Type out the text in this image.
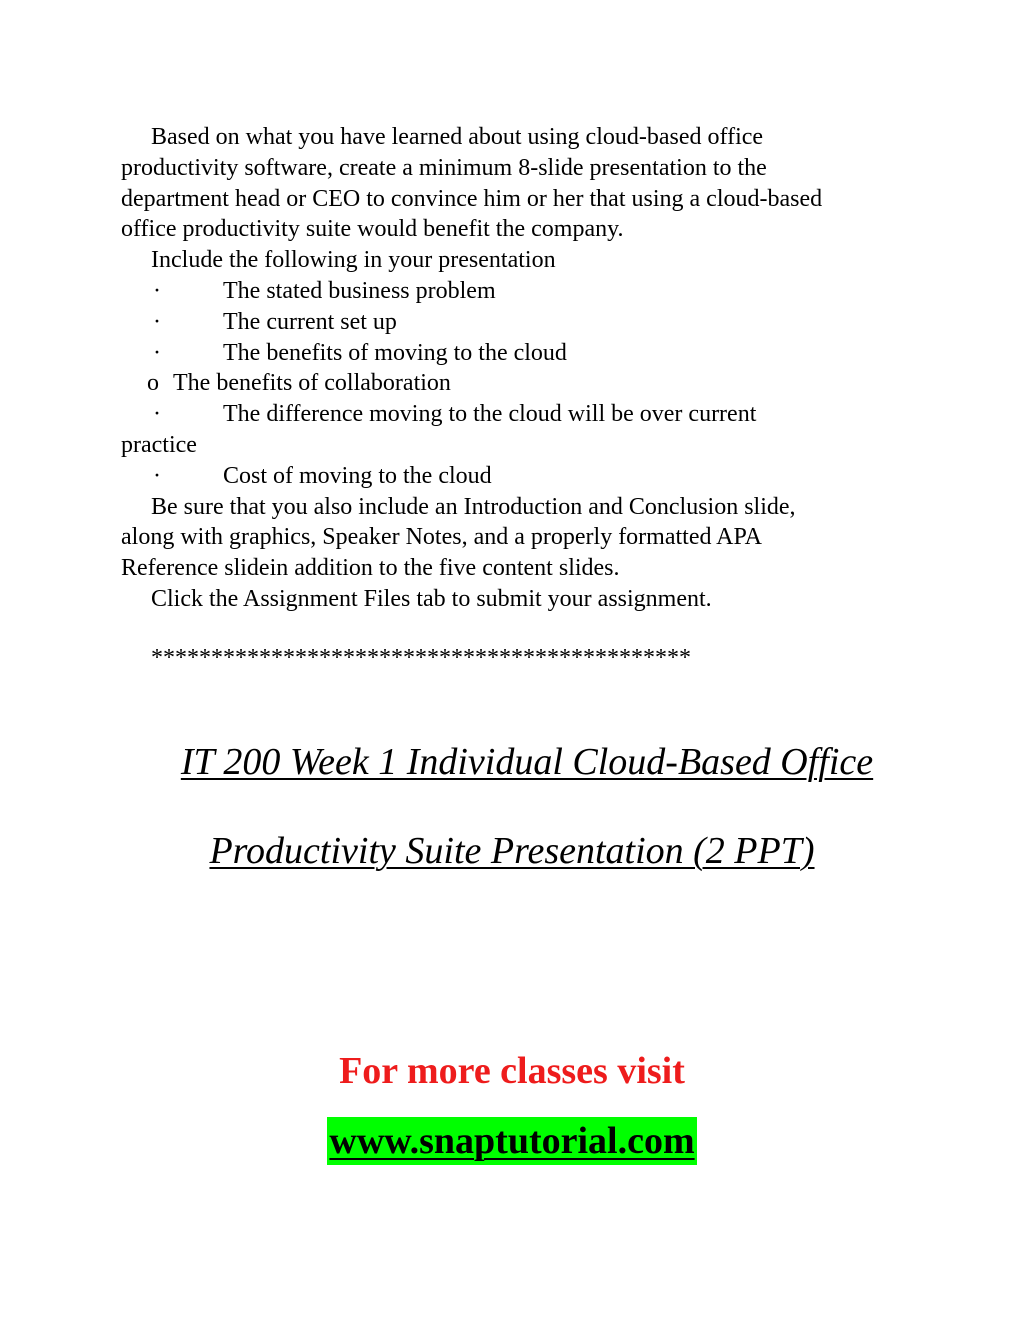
Based on what you have learned about using cloud-based office
productivity software, create a minimum 8-slide presentation to the
department head or CEO to convince him or her that using a cloud-based
office productivity suite would benefit the company.
Include the following in your presentation
·	The stated business problem
·	The current set up
·	The benefits of moving to the cloud
o The benefits of collaboration
·	The difference moving to the cloud will be over current
practice
·	Cost of moving to the cloud
Be sure that you also include an Introduction and Conclusion slide,
along with graphics, Speaker Notes, and a properly formatted APA
Reference slidein addition to the five content slides.
Click the Assignment Files tab to submit your assignment.
*********************************************
IT 200 Week 1 Individual Cloud-Based Office
Productivity Suite Presentation (2 PPT)
For more classes visit
www.snaptutorial.com
